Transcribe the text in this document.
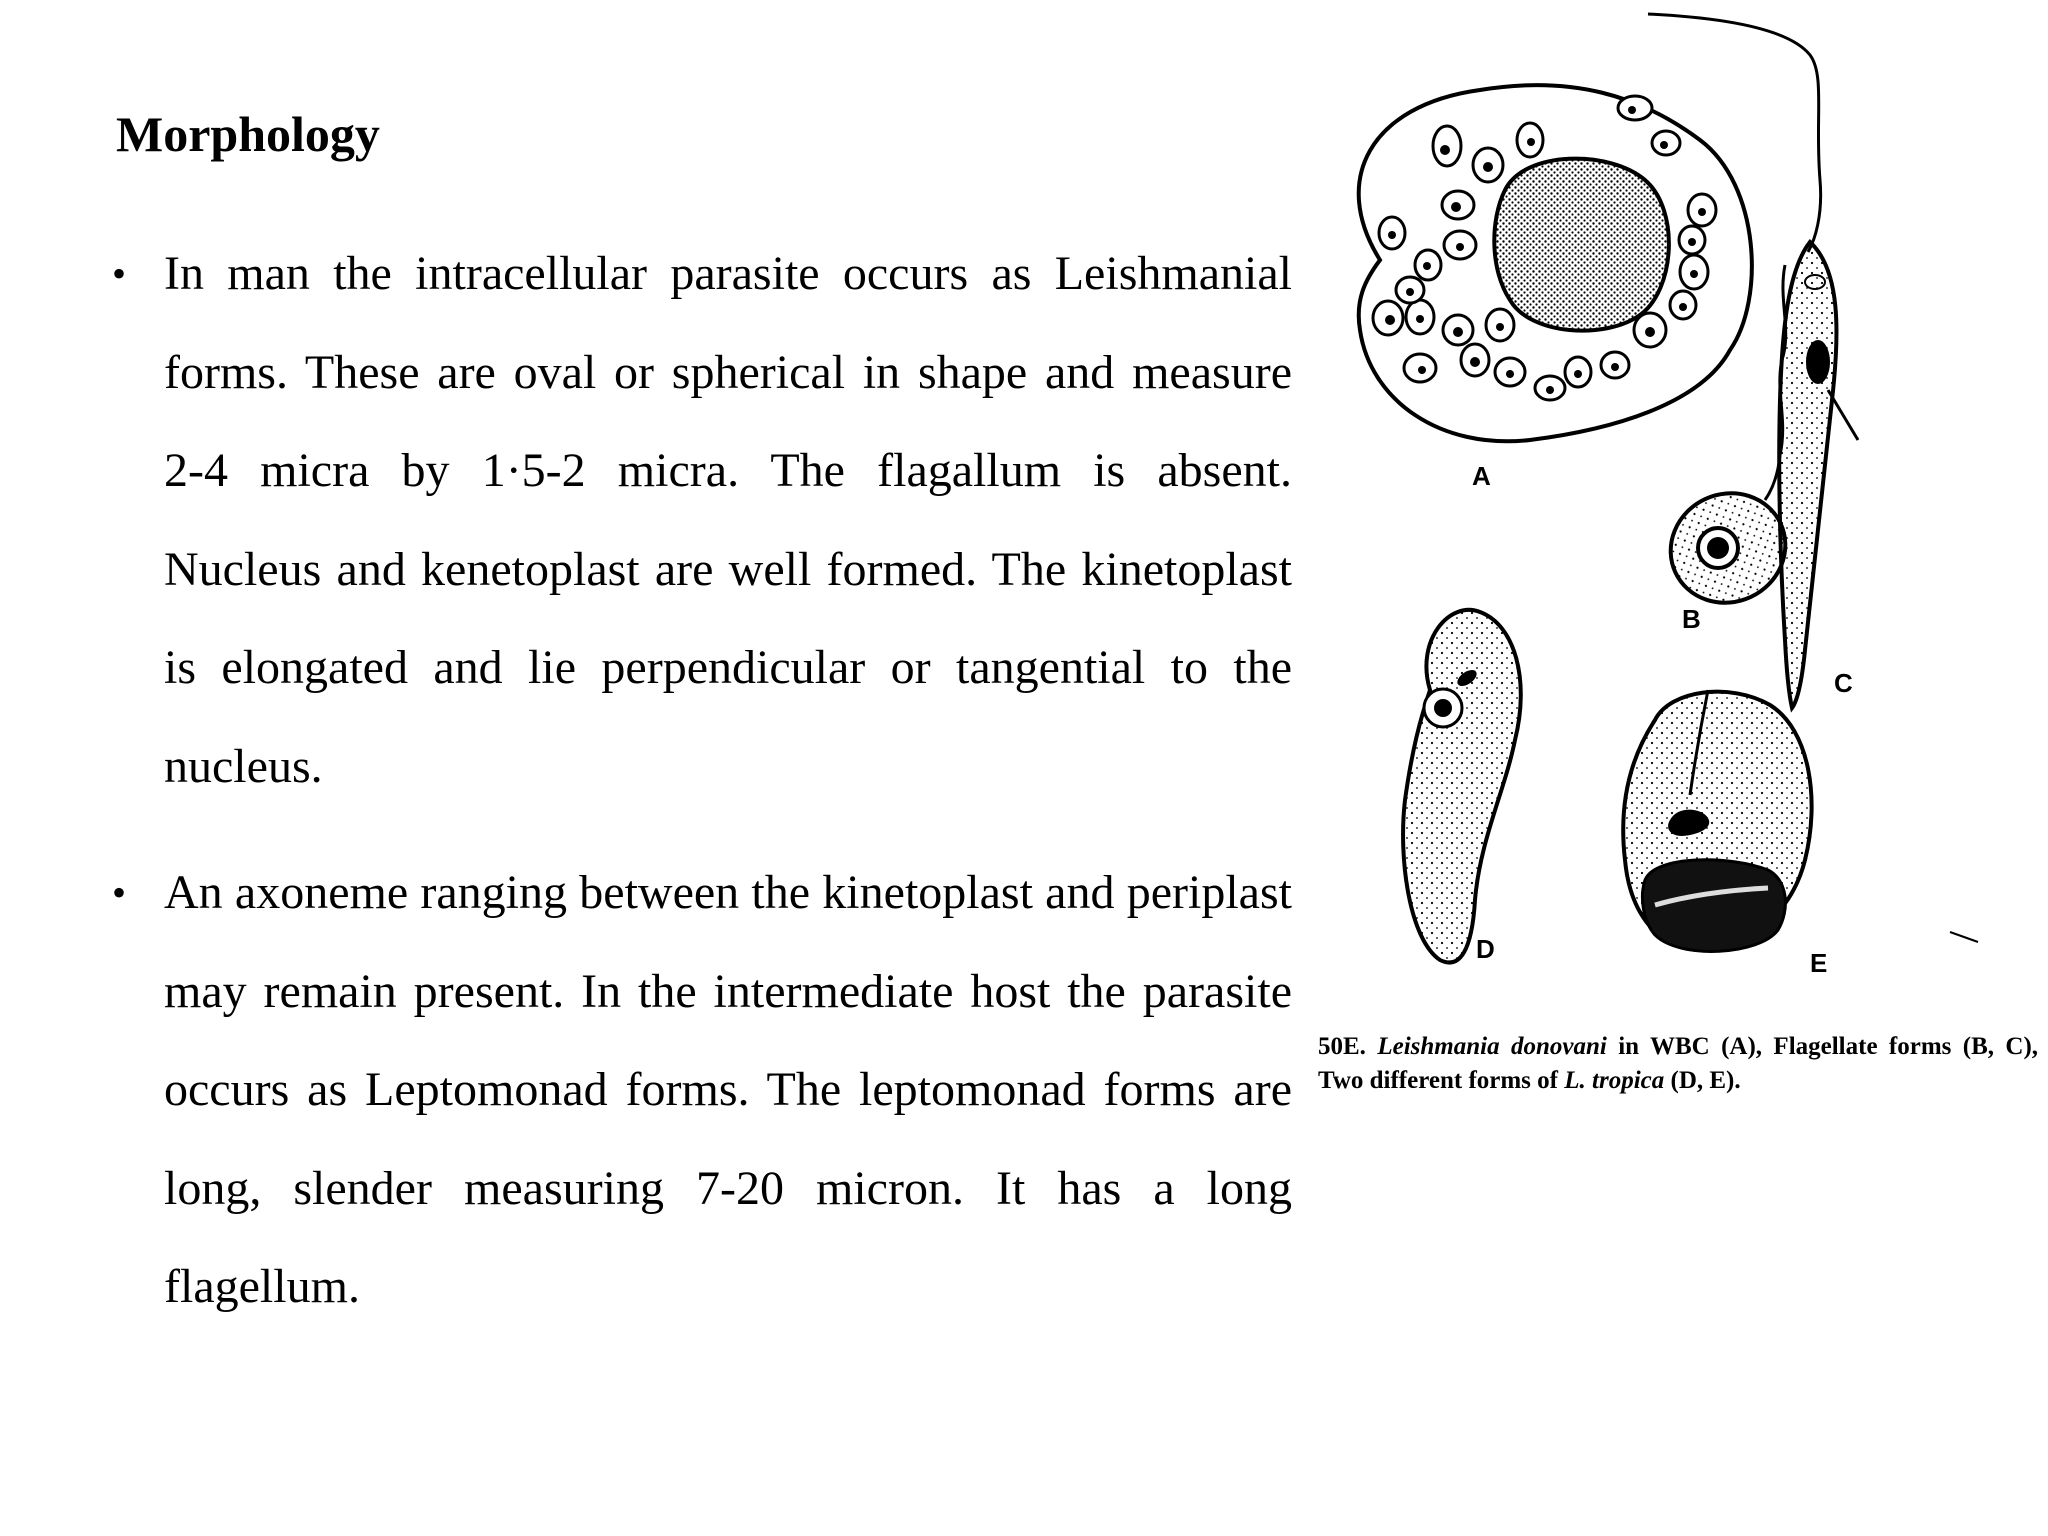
Morphology
• In man the intracellular parasite occurs as Leishmanial forms. These are oval or spherical in shape and measure 2-4 micra by 1·5-2 micra. The flagallum is absent. Nucleus and kenetoplast are well formed. The kinetoplast is elongated and lie perpendicular or tangential to the nucleus.
• An axoneme ranging between the kinetoplast and periplast may remain present. In the intermediate host the parasite occurs as Leptomonad forms. The leptomonad forms are long, slender measuring 7-20 micron. It has a long flagellum.
A
B
C
D	E
50E. Leishmania donovani in WBC (A), Flagellate forms (B, C), Two different forms of L. tropica (D, E).
